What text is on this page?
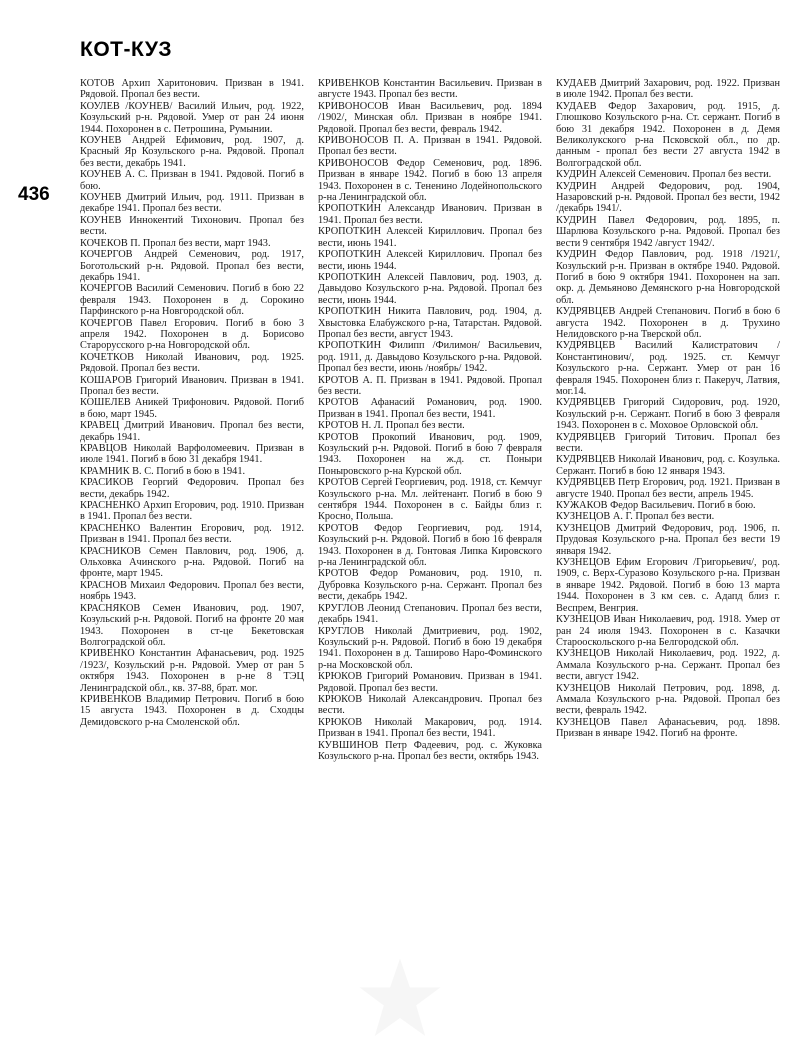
КОТ-КУЗ
436

КОТОВ Архип Харитонович. Призван в 1941. Рядовой. Пропал без вести.

КОУЛЕВ /КОУНЕВ/ Василий Ильич, род. 1922, Козульский р-н. Рядовой. Умер от ран 24 июня 1944. Похоронен в с. Петрошина, Румынии.

КОУНЕВ Андрей Ефимович, род. 1907, д. Красный Яр Козульского р-на. Рядовой. Пропал без вести, декабрь 1941.

КОУНЕВ А. С. Призван в 1941. Рядовой. Погиб в бою.

КОУНЕВ Дмитрий Ильич, род. 1911. Призван в декабре 1941. Пропал без вести.

КОУНЕВ Иннокентий Тихонович. Пропал без вести.

КОЧЕКОВ П. Пропал без вести, март 1943.

КОЧЕРГОВ Андрей Семенович, род. 1917, Боготольский р-н. Рядовой. Пропал без вести, декабрь 1941.

КОЧЕРГОВ Василий Семенович. Погиб в бою 22 февраля 1943. Похоронен в д. Сорокино Парфинского р-на Новгородской обл.

КОЧЕРГОВ Павел Егорович. Погиб в бою 3 апреля 1942. Похоронен в д. Борисово Старорусского р-на Новгородской обл.

КОЧЕТКОВ Николай Иванович, род. 1925. Рядовой. Пропал без вести.

КОШАРОВ Григорий Иванович. Призван в 1941. Пропал без вести.

КОШЕЛЕВ Аникей Трифонович. Рядовой. Погиб в бою, март 1945.

КРАВЕЦ Дмитрий Иванович. Пропал без вести, декабрь 1941.

КРАВЦОВ Николай Варфоломеевич. Призван в июле 1941. Погиб в бою 31 декабря 1941.

КРАМНИК В. С. Погиб в бою в 1941.

КРАСИКОВ Георгий Федорович. Пропал без вести, декабрь 1942.

КРАСНЕНКО Архип Егорович, род. 1910. Призван в 1941. Пропал без вести.

КРАСНЕНКО Валентин Егорович, род. 1912. Призван в 1941. Пропал без вести.

КРАСНИКОВ Семен Павлович, род. 1906, д. Ольховка Ачинского р-на. Рядовой. Погиб на фронте, март 1945.

КРАСНОВ Михаил Федорович. Пропал без вести, ноябрь 1943.

КРАСНЯКОВ Семен Иванович, род. 1907, Козульский р-н. Рядовой. Погиб на фронте 20 мая 1943. Похоронен в ст-це Бекетовская Волгоградской обл.

КРИВЕНКО Константин Афанасьевич, род. 1925 /1923/, Козульский р-н. Рядовой. Умер от ран 5 октября 1943. Похоронен в р-не 8 ТЭЦ Ленинградской обл., кв. 37-88, брат. мог.

КРИВЕНКОВ Владимир Петрович. Погиб в бою 15 августа 1943. Похоронен в д. Сходцы Демидовского р-на Смоленской обл.

КРИВЕНКОВ Константин Васильевич. Призван в августе 1943. Пропал без вести.

КРИВОНОСОВ Иван Васильевич, род. 1894 /1902/, Минская обл. Призван в ноябре 1941. Рядовой. Пропал без вести, февраль 1942.

КРИВОНОСОВ П. А. Призван в 1941. Рядовой. Пропал без вести.

КРИВОНОСОВ Федор Семенович, род. 1896. Призван в январе 1942. Погиб в бою 13 апреля 1943. Похоронен в с. Тененино Лодейнопольского р-на Ленинградской обл.

КРОПОТКИН Александр Иванович. Призван в 1941. Пропал без вести.

КРОПОТКИН Алексей Кириллович. Пропал без вести, июнь 1941.

КРОПОТКИН Алексей Кириллович. Пропал без вести, июнь 1944.

КРОПОТКИН Алексей Павлович, род. 1903, д. Давыдово Козульского р-на. Рядовой. Пропал без вести, июнь 1944.

КРОПОТКИН Никита Павлович, род. 1904, д. Хвыстовка Елабужского р-на, Татарстан. Рядовой. Пропал без вести, август 1943.

КРОПОТКИН Филипп /Филимон/ Васильевич, род. 1911, д. Давыдово Козульского р-на. Рядовой. Пропал без вести, июнь /ноябрь/ 1942.

КРОТОВ А. П. Призван в 1941. Рядовой. Пропал без вести.

КРОТОВ Афанасий Романович, род. 1900. Призван в 1941. Пропал без вести, 1941.

КРОТОВ Н. Л. Пропал без вести.

КРОТОВ Прокопий Иванович, род. 1909, Козульский р-н. Рядовой. Погиб в бою 7 февраля 1943. Похоронен на ж.д. ст. Поныри Поныровского р-на Курской обл.

КРОТОВ Сергей Георгиевич, род. 1918, ст. Кемчуг Козульского р-на. Мл. лейтенант. Погиб в бою 9 сентября 1944. Похоронен в с. Байды близ г. Кросно, Польша.

КРОТОВ Федор Георгиевич, род. 1914, Козульский р-н. Рядовой. Погиб в бою 16 февраля 1943. Похоронен в д. Гонтовая Липка Кировского р-на Ленинградской обл.

КРОТОВ Федор Романович, род. 1910, п. Дубровка Козульского р-на. Сержант. Пропал без вести, декабрь 1942.

КРУГЛОВ Леонид Степанович. Пропал без вести, декабрь 1941.

КРУГЛОВ Николай Дмитриевич, род. 1902, Козульский р-н. Рядовой. Погиб в бою 19 декабря 1941. Похоронен в д. Таширово Наро-Фоминского р-на Московской обл.

КРЮКОВ Григорий Романович. Призван в 1941. Рядовой. Пропал без вести.

КРЮКОВ Николай Александрович. Пропал без вести.

КРЮКОВ Николай Макарович, род. 1914. Призван в 1941. Пропал без вести, 1941.

КУВШИНОВ Петр Фадеевич, род. с. Жуковка Козульского р-на. Пропал без вести, октябрь 1943.

КУДАЕВ Дмитрий Захарович, род. 1922. Призван в июле 1942. Пропал без вести.

КУДАЕВ Федор Захарович, род. 1915, д. Глюшково Козульского р-на. Ст. сержант. Погиб в бою 31 декабря 1942. Похоронен в д. Демя Великолукского р-на Псковской обл., по др. данным - пропал без вести 27 августа 1942 в Волгоградской обл.

КУДРИН Алексей Семенович. Пропал без вести.

КУДРИН Андрей Федорович, род. 1904, Назаровский р-н. Рядовой. Пропал без вести, 1942 /декабрь 1941/.

КУДРИН Павел Федорович, род. 1895, п. Шарлюва Козульского р-на. Рядовой. Пропал без вести 9 сентября 1942 /август 1942/.

КУДРИН Федор Павлович, род. 1918 /1921/, Козульский р-н. Призван в октябре 1940. Рядовой. Погиб в бою 9 октября 1941. Похоронен на зап. окр. д. Демьяново Демянского р-на Новгородской обл.

КУДРЯВЦЕВ Андрей Степанович. Погиб в бою 6 августа 1942. Похоронен в д. Трухино Нелидовского р-на Тверской обл.

КУДРЯВЦЕВ Василий Калистратович /Константинович/, род. 1925. ст. Кемчуг Козульского р-на. Сержант. Умер от ран 16 февраля 1945. Похоронен близ г. Пакеруч, Латвия, мог.14.

КУДРЯВЦЕВ Григорий Сидорович, род. 1920, Козульский р-н. Сержант. Погиб в бою 3 февраля 1943. Похоронен в с. Моховое Орловской обл.

КУДРЯВЦЕВ Григорий Титович. Пропал без вести.

КУДРЯВЦЕВ Николай Иванович, род. с. Козулька. Сержант. Погиб в бою 12 января 1943.

КУДРЯВЦЕВ Петр Егорович, род. 1921. Призван в августе 1940. Пропал без вести, апрель 1945.

КУЖАКОВ Федор Васильевич. Погиб в бою.

КУЗНЕЦОВ А. Г. Пропал без вести.

КУЗНЕЦОВ Дмитрий Федорович, род. 1906, п. Прудовая Козульского р-на. Пропал без вести 19 января 1942.

КУЗНЕЦОВ Ефим Егорович /Григорьевич/, род. 1909, с. Верх-Суразово Козульского р-на. Призван в январе 1942. Рядовой. Погиб в бою 13 марта 1944. Похоронен в 3 км сев. с. Адапд близ г. Веспрем, Венгрия.

КУЗНЕЦОВ Иван Николаевич, род. 1918. Умер от ран 24 июля 1943. Похоронен в с. Казачки Старооскольского р-на Белгородской обл.

КУЗНЕЦОВ Николай Николаевич, род. 1922, д. Аммала Козульского р-на. Сержант. Пропал без вести, август 1942.

КУЗНЕЦОВ Николай Петрович, род. 1898, д. Аммала Козульского р-на. Рядовой. Пропал без вести, февраль 1942.

КУЗНЕЦОВ Павел Афанасьевич, род. 1898. Призван в январе 1942. Погиб на фронте.
